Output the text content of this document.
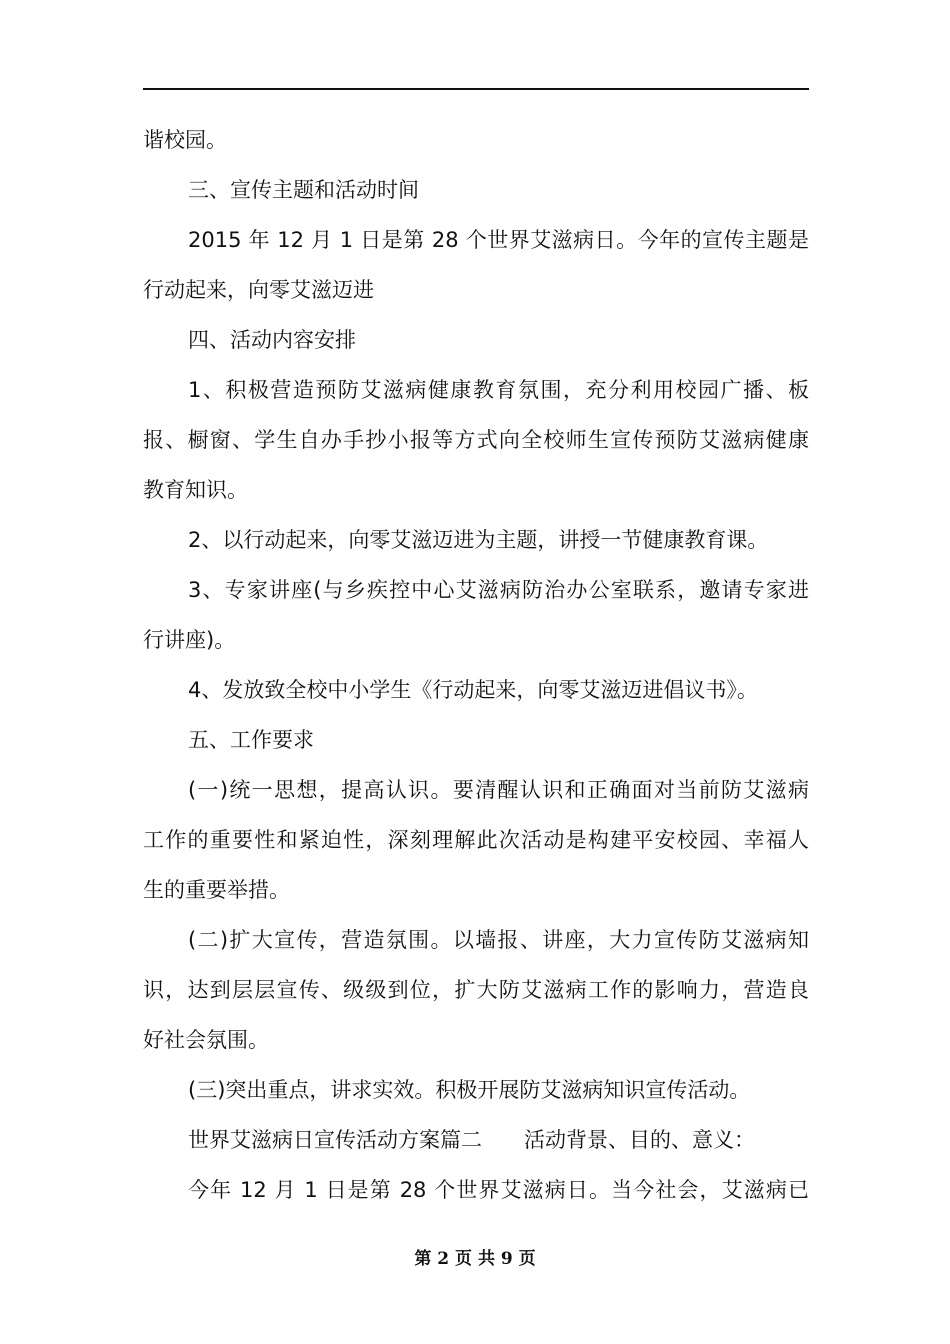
谐校园。
三、宣传主题和活动时间
2015 年 12 月 1 日是第 28 个世界艾滋病日。今年的宣传主题是
行动起来，向零艾滋迈进
四、活动内容安排
1、积极营造预防艾滋病健康教育氛围，充分利用校园广播、板
报、橱窗、学生自办手抄小报等方式向全校师生宣传预防艾滋病健康
教育知识。
2、以行动起来，向零艾滋迈进为主题，讲授一节健康教育课。
3、专家讲座(与乡疾控中心艾滋病防治办公室联系，邀请专家进
行讲座)。
4、发放致全校中小学生《行动起来，向零艾滋迈进倡议书》。
五、工作要求
(一)统一思想，提高认识。要清醒认识和正确面对当前防艾滋病
工作的重要性和紧迫性，深刻理解此次活动是构建平安校园、幸福人
生的重要举措。
(二)扩大宣传，营造氛围。以墙报、讲座，大力宣传防艾滋病知
识，达到层层宣传、级级到位，扩大防艾滋病工作的影响力，营造良
好社会氛围。
(三)突出重点，讲求实效。积极开展防艾滋病知识宣传活动。
世界艾滋病日宣传活动方案篇二　　活动背景、目的、意义：
今年 12 月 1 日是第 28 个世界艾滋病日。当今社会，艾滋病已
第 2 页 共 9 页
